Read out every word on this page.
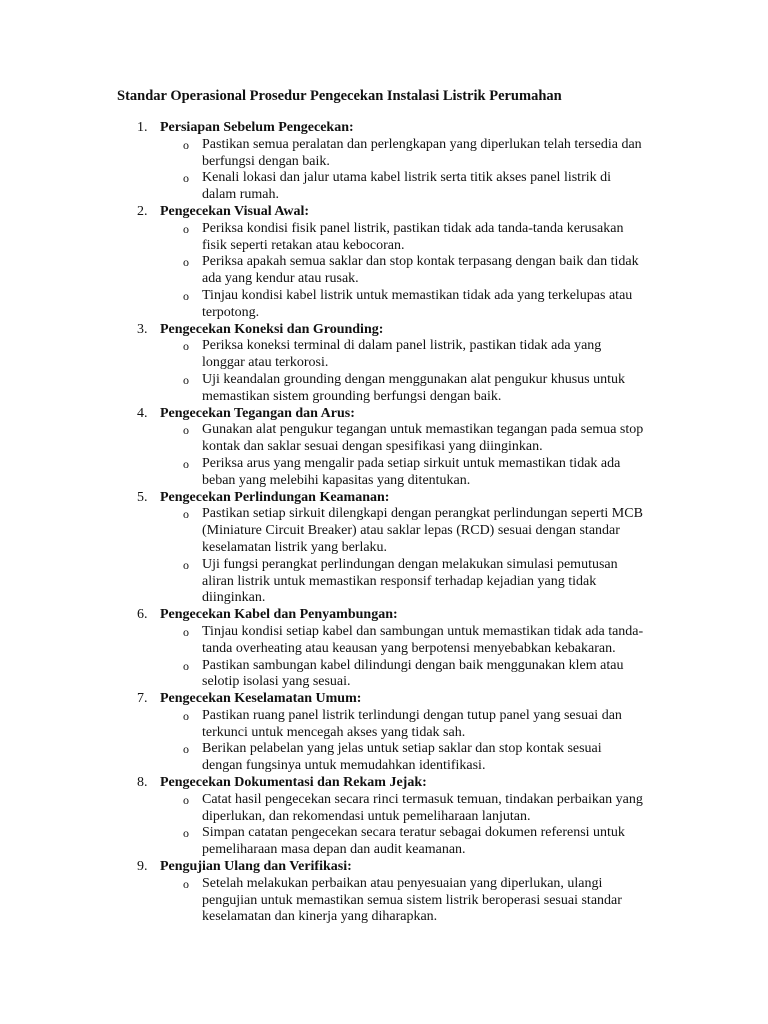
Standar Operasional Prosedur Pengecekan Instalasi Listrik Perumahan
1. Persiapan Sebelum Pengecekan:
o Pastikan semua peralatan dan perlengkapan yang diperlukan telah tersedia dan
berfungsi dengan baik.
o Kenali lokasi dan jalur utama kabel listrik serta titik akses panel listrik di
dalam rumah.
2. Pengecekan Visual Awal:
o Periksa kondisi fisik panel listrik, pastikan tidak ada tanda-tanda kerusakan
fisik seperti retakan atau kebocoran.
o Periksa apakah semua saklar dan stop kontak terpasang dengan baik dan tidak
ada yang kendur atau rusak.
o Tinjau kondisi kabel listrik untuk memastikan tidak ada yang terkelupas atau
terpotong.
3. Pengecekan Koneksi dan Grounding:
o Periksa koneksi terminal di dalam panel listrik, pastikan tidak ada yang
longgar atau terkorosi.
o Uji keandalan grounding dengan menggunakan alat pengukur khusus untuk
memastikan sistem grounding berfungsi dengan baik.
4. Pengecekan Tegangan dan Arus:
o Gunakan alat pengukur tegangan untuk memastikan tegangan pada semua stop
kontak dan saklar sesuai dengan spesifikasi yang diinginkan.
o Periksa arus yang mengalir pada setiap sirkuit untuk memastikan tidak ada
beban yang melebihi kapasitas yang ditentukan.
5. Pengecekan Perlindungan Keamanan:
o Pastikan setiap sirkuit dilengkapi dengan perangkat perlindungan seperti MCB
(Miniature Circuit Breaker) atau saklar lepas (RCD) sesuai dengan standar
keselamatan listrik yang berlaku.
o Uji fungsi perangkat perlindungan dengan melakukan simulasi pemutusan
aliran listrik untuk memastikan responsif terhadap kejadian yang tidak
diinginkan.
6. Pengecekan Kabel dan Penyambungan:
o Tinjau kondisi setiap kabel dan sambungan untuk memastikan tidak ada tanda-
tanda overheating atau keausan yang berpotensi menyebabkan kebakaran.
o Pastikan sambungan kabel dilindungi dengan baik menggunakan klem atau
selotip isolasi yang sesuai.
7. Pengecekan Keselamatan Umum:
o Pastikan ruang panel listrik terlindungi dengan tutup panel yang sesuai dan
terkunci untuk mencegah akses yang tidak sah.
o Berikan pelabelan yang jelas untuk setiap saklar dan stop kontak sesuai
dengan fungsinya untuk memudahkan identifikasi.
8. Pengecekan Dokumentasi dan Rekam Jejak:
o Catat hasil pengecekan secara rinci termasuk temuan, tindakan perbaikan yang
diperlukan, dan rekomendasi untuk pemeliharaan lanjutan.
o Simpan catatan pengecekan secara teratur sebagai dokumen referensi untuk
pemeliharaan masa depan dan audit keamanan.
9. Pengujian Ulang dan Verifikasi:
o Setelah melakukan perbaikan atau penyesuaian yang diperlukan, ulangi
pengujian untuk memastikan semua sistem listrik beroperasi sesuai standar
keselamatan dan kinerja yang diharapkan.
